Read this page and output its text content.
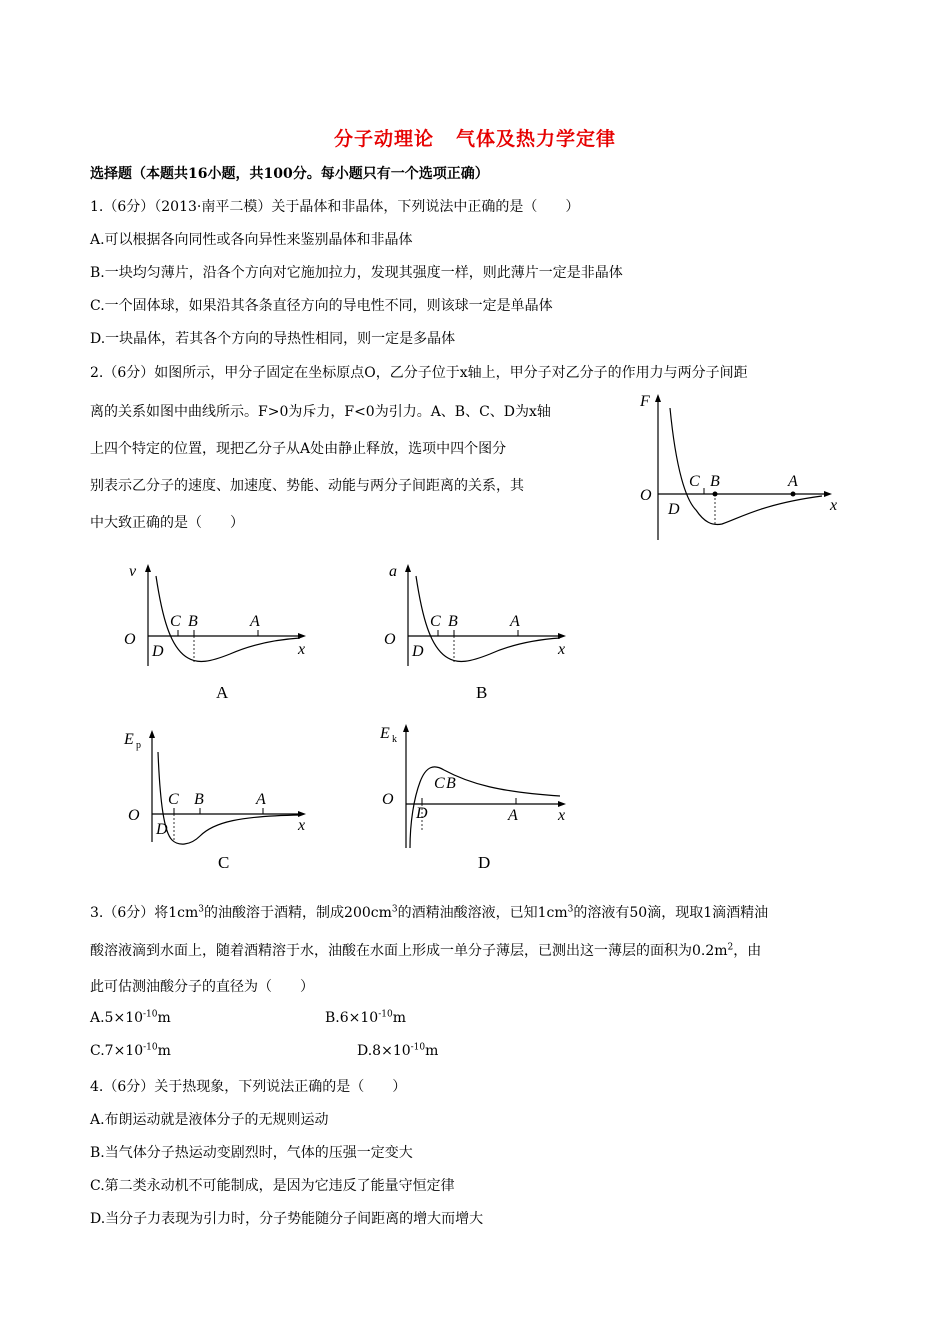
分子动理论 气体及热力学定律
选择题（本题共16小题，共100分。每小题只有一个选项正确）
1.（6分）（2013·南平二模）关于晶体和非晶体，下列说法中正确的是（　　）
A.可以根据各向同性或各向异性来鉴别晶体和非晶体
B.一块均匀薄片，沿各个方向对它施加拉力，发现其强度一样，则此薄片一定是非晶体
C.一个固体球，如果沿其各条直径方向的导电性不同，则该球一定是单晶体
D.一块晶体，若其各个方向的导热性相同，则一定是多晶体
2.（6分）如图所示，甲分子固定在坐标原点O，乙分子位于x轴上，甲分子对乙分子的作用力与两分子间距
离的关系如图中曲线所示。F>0为斥力，F<0为引力。A、B、C、D为x轴
上四个特定的位置，现把乙分子从A处由静止释放，选项中四个图分
别表示乙分子的速度、加速度、势能、动能与两分子间距离的关系，其
中大致正确的是（　　）
F
x
O
C B	A
D
v
x
O
C B	A
D
A
a
x
O
C B	A
D
B
E p
x
O
C B	A
D
C
E k
x
O
C B
A
D
D
3.（6分）将$1cm^3$的油酸溶于酒精，制成$200cm^3$的酒精油酸溶液，已知$1cm^3$的溶液有50滴，现取1滴酒精油
酸溶液滴到水面上，随着酒精溶于水，油酸在水面上形成一单分子薄层，已测出这一薄层的面积为$0.2m^2$，由
此可估测油酸分子的直径为（　　）
$A.5\times 10^{-10}m$	$B.6\times 10^{-10}m$
$C.7\times 10^{-10}m$	$D.8\times 10^{-10}m$
4.（6分）关于热现象，下列说法正确的是（　　）
A.布朗运动就是液体分子的无规则运动
B.当气体分子热运动变剧烈时，气体的压强一定变大
C.第二类永动机不可能制成，是因为它违反了能量守恒定律
D.当分子力表现为引力时，分子势能随分子间距离的增大而增大
